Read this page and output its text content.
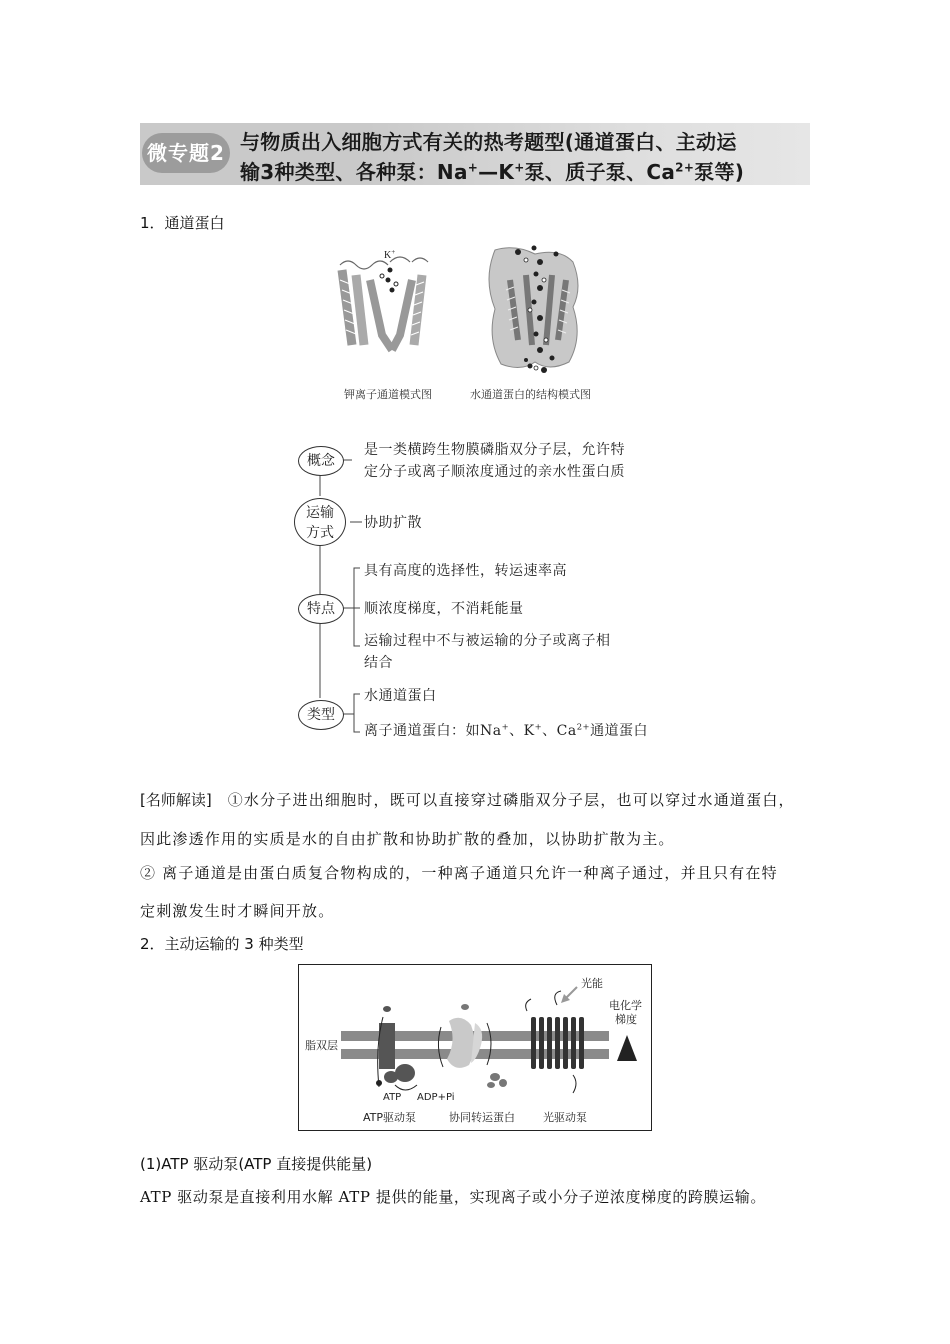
微专题2 与物质出入细胞方式有关的热考题型(通道蛋白、主动运
输3种类型、各种泵：Na+—K+泵、质子泵、$Ca^{2+}$泵等)
1．通道蛋白
K+
钾离子通道模式图	水通道蛋白的结构模式图
概念
运输
方式
特点
类型
是一类横跨生物膜磷脂双分子层，允许特
定分子或离子顺浓度通过的亲水性蛋白质
协助扩散
具有高度的选择性，转运速率高
顺浓度梯度，不消耗能量
运输过程中不与被运输的分子或离子相
结合
水通道蛋白
离子通道蛋白：如Na+、K+、$Ca^{2+}$通道蛋白
[名师解读] ①水分子进出细胞时，既可以直接穿过磷脂双分子层，也可以穿过水通道蛋白，
因此渗透作用的实质是水的自由扩散和协助扩散的叠加，以协助扩散为主。
② 离子通道是由蛋白质复合物构成的，一种离子通道只允许一种离子通过，并且只有在特
定刺激发生时才瞬间开放。
2．主动运输的 3 种类型
脂双层
ATP ADP+Pi
光能
电化学
梯度
ATP驱动泵	协同转运蛋白	光驱动泵
(1)ATP 驱动泵(ATP 直接提供能量)
ATP 驱动泵是直接利用水解 ATP 提供的能量，实现离子或小分子逆浓度梯度的跨膜运输。
